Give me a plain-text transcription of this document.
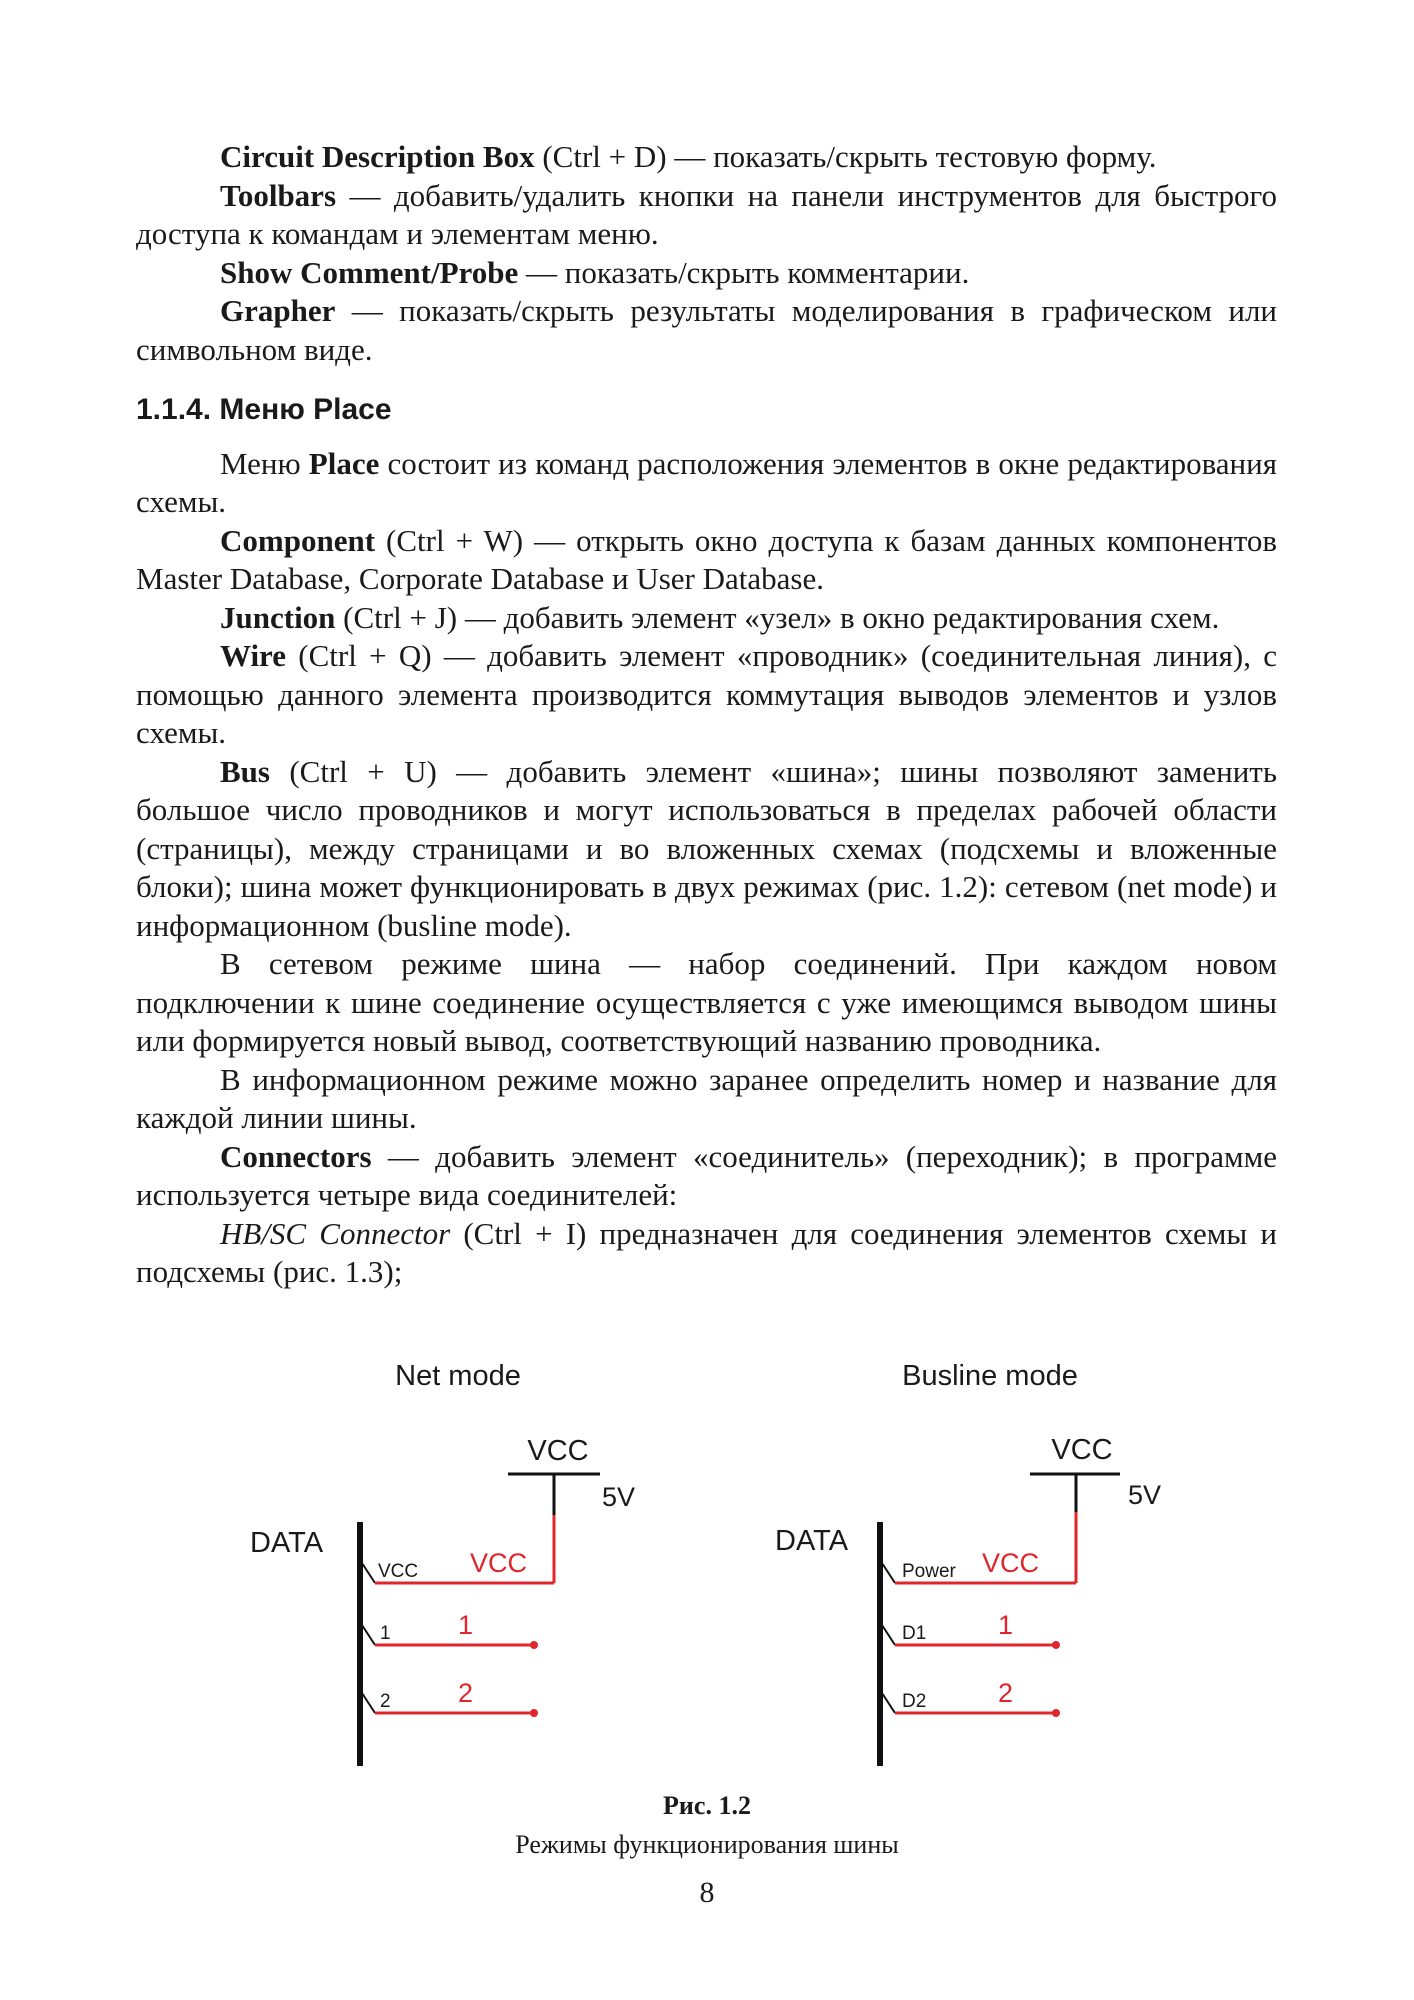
Circuit Description Box (Ctrl + D) — показать/скрыть тестовую форму.

Toolbars — добавить/удалить кнопки на панели инструментов для быстрого доступа к командам и элементам меню.

Show Comment/Probe — показать/скрыть комментарии.

Grapher — показать/скрыть результаты моделирования в графическом или символьном виде.

1.1.4. Меню Place

Меню Place состоит из команд расположения элементов в окне редактирования схемы.

Component (Ctrl + W) — открыть окно доступа к базам данных компонентов Master Database, Corporate Database и User Database.

Junction (Ctrl + J) — добавить элемент «узел» в окно редактирования схем.

Wire (Ctrl + Q) — добавить элемент «проводник» (соединительная линия), с помощью данного элемента производится коммутация выводов элементов и узлов схемы.

Bus (Ctrl + U) — добавить элемент «шина»; шины позволяют заменить большое число проводников и могут использоваться в пределах рабочей области (страницы), между страницами и во вложенных схемах (подсхемы и вложенные блоки); шина может функционировать в двух режимах (рис. 1.2): сетевом (net mode) и информационном (busline mode).

В сетевом режиме шина — набор соединений. При каждом новом подключении к шине соединение осуществляется с уже имеющимся выводом шины или формируется новый вывод, соответствующий названию проводника.

В информационном режиме можно заранее определить номер и название для каждой линии шины.

Connectors — добавить элемент «соединитель» (переходник); в программе используется четыре вида соединителей:

HB/SC Connector (Ctrl + I) предназначен для соединения элементов схемы и подсхемы (рис. 1.3);

Net mode
DATA
VCC
5V
VCC VCC
1 1
2 2
Busline mode
DATA
VCC
5V
Power VCC
D1	1
D2	2
Рис. 1.2
Режимы функционирования шины
8
